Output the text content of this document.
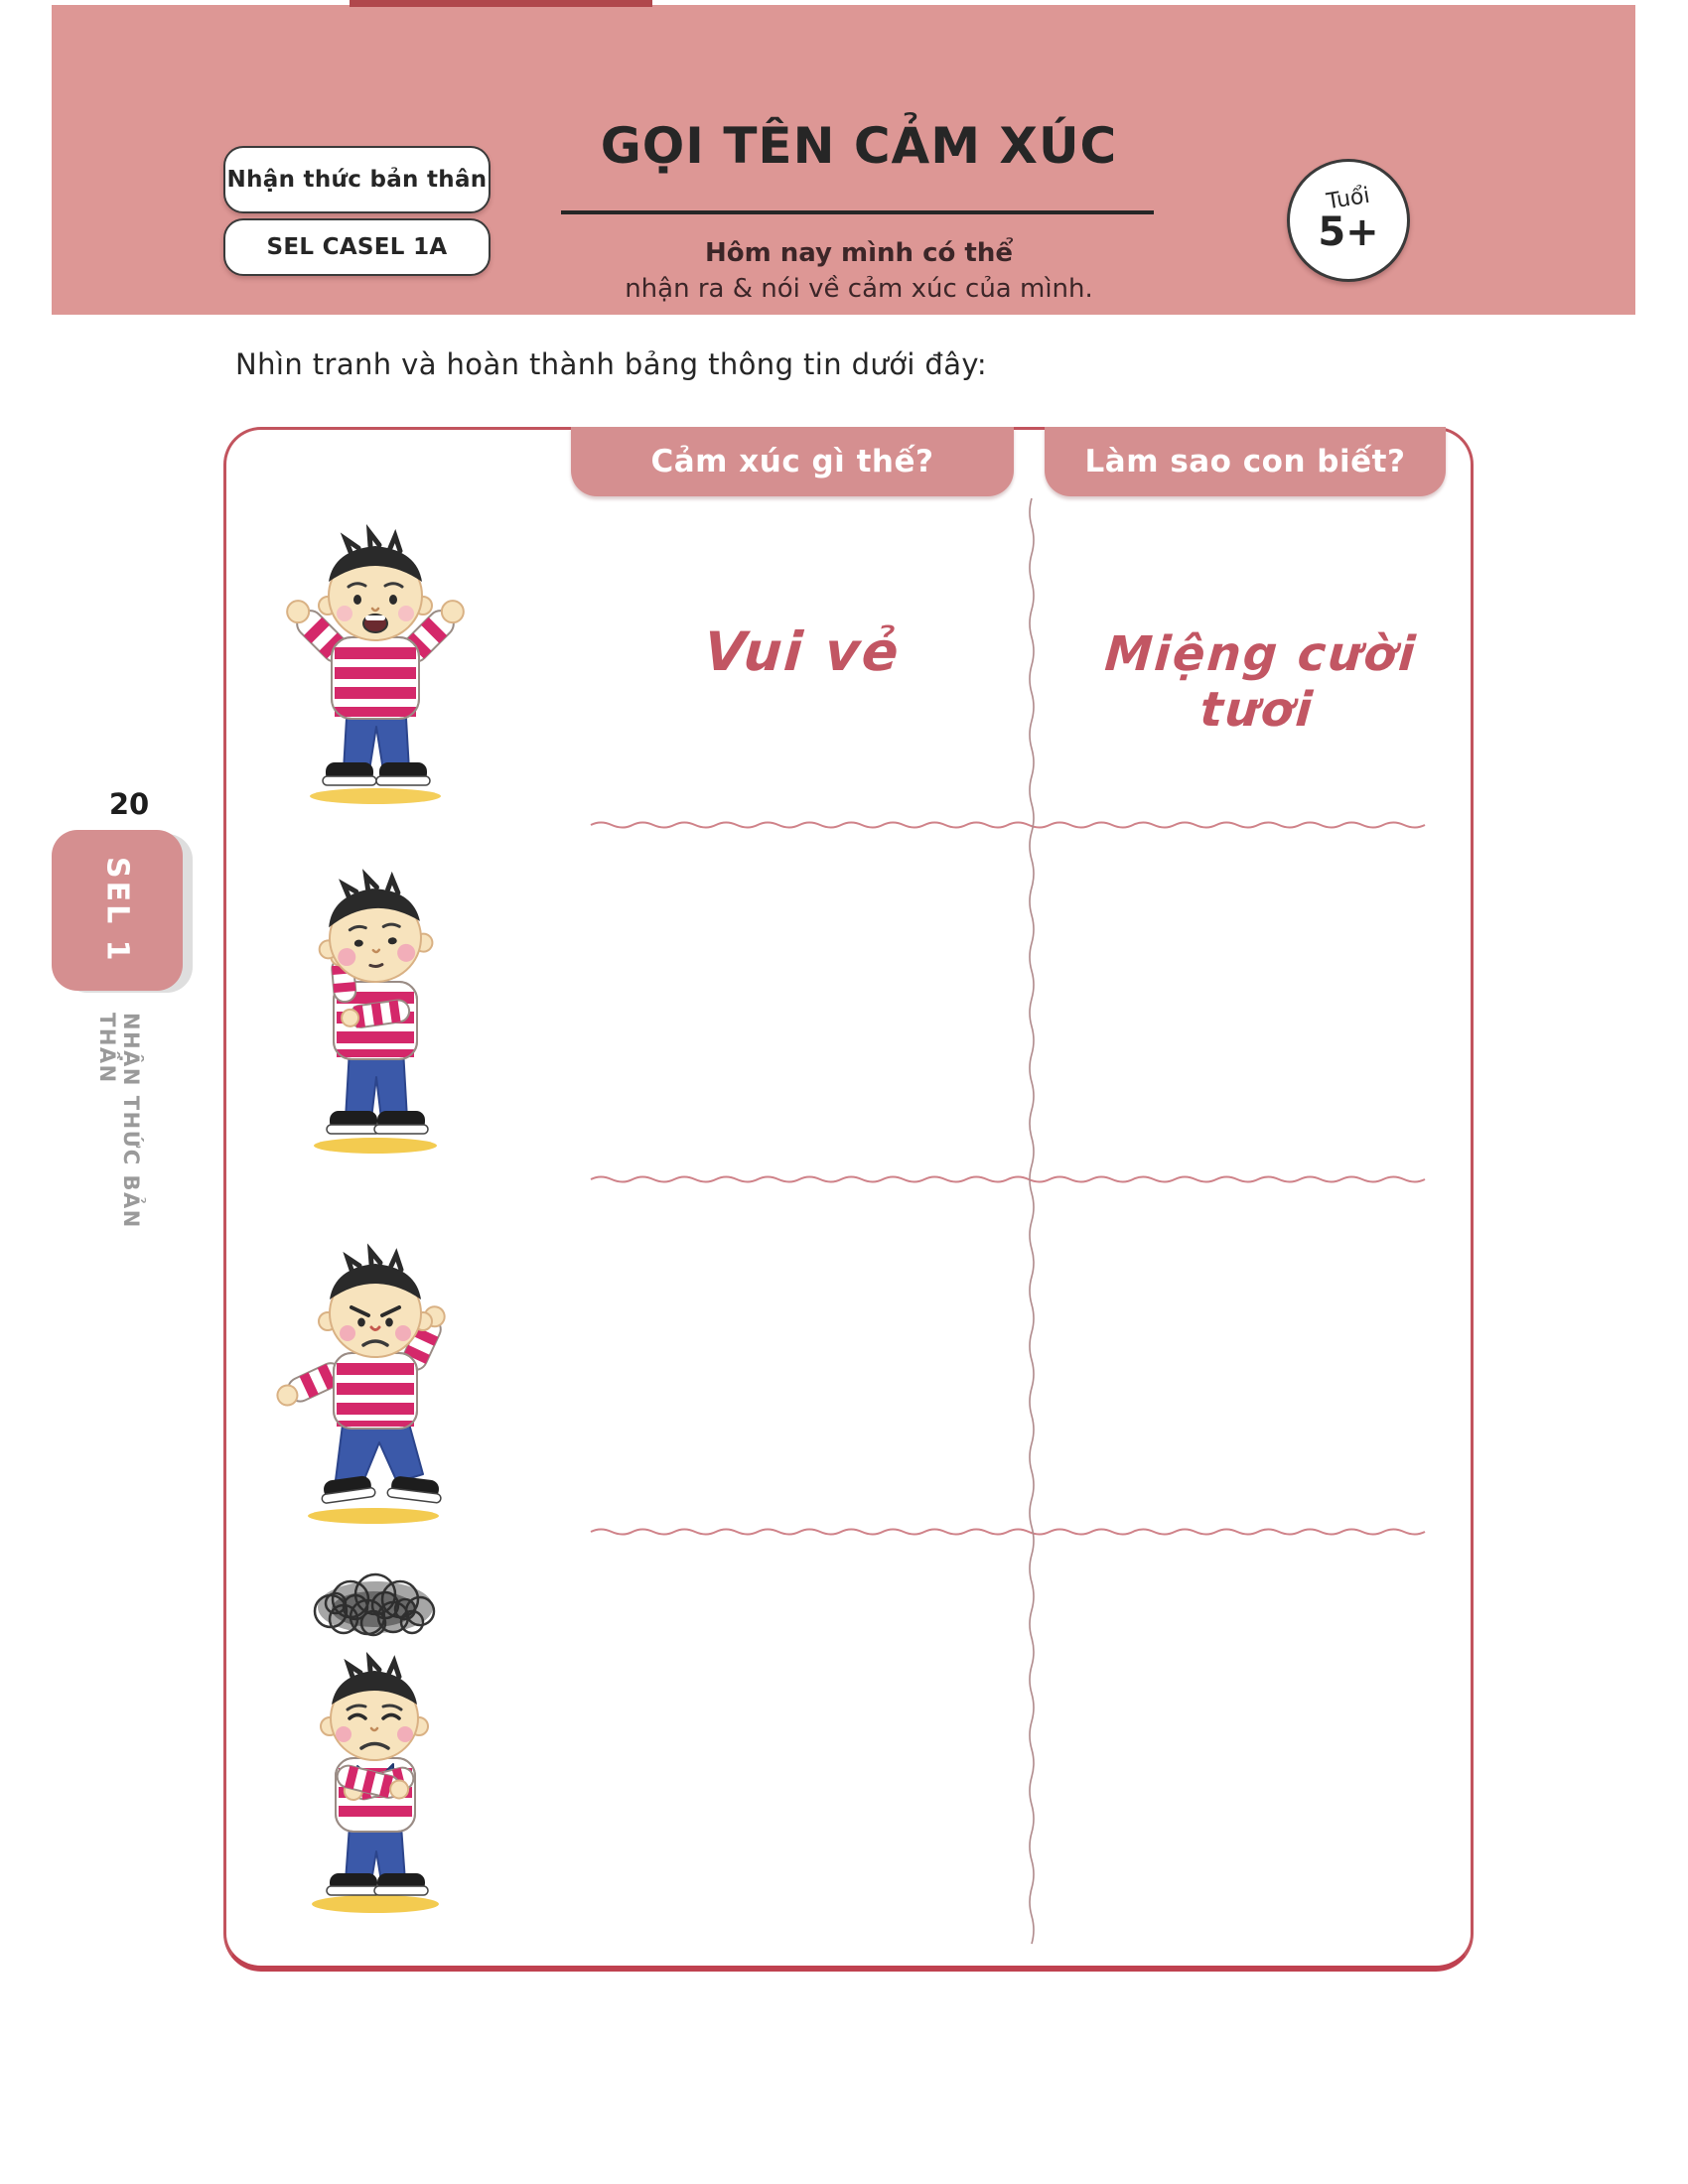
Nhận thức bản thân
SEL CASEL 1A
GỌI TÊN CẢM XÚC
Hôm nay mình có thể
nhận ra & nói về cảm xúc của mình.
Tuổi
5+
Nhìn tranh và hoàn thành bảng thông tin dưới đây:
20
SEL 1
NHẬN THỨC BẢN THÂN
Cảm xúc gì thế?	Làm sao con biết?
Vui vẻ	Miệng cười tươi
